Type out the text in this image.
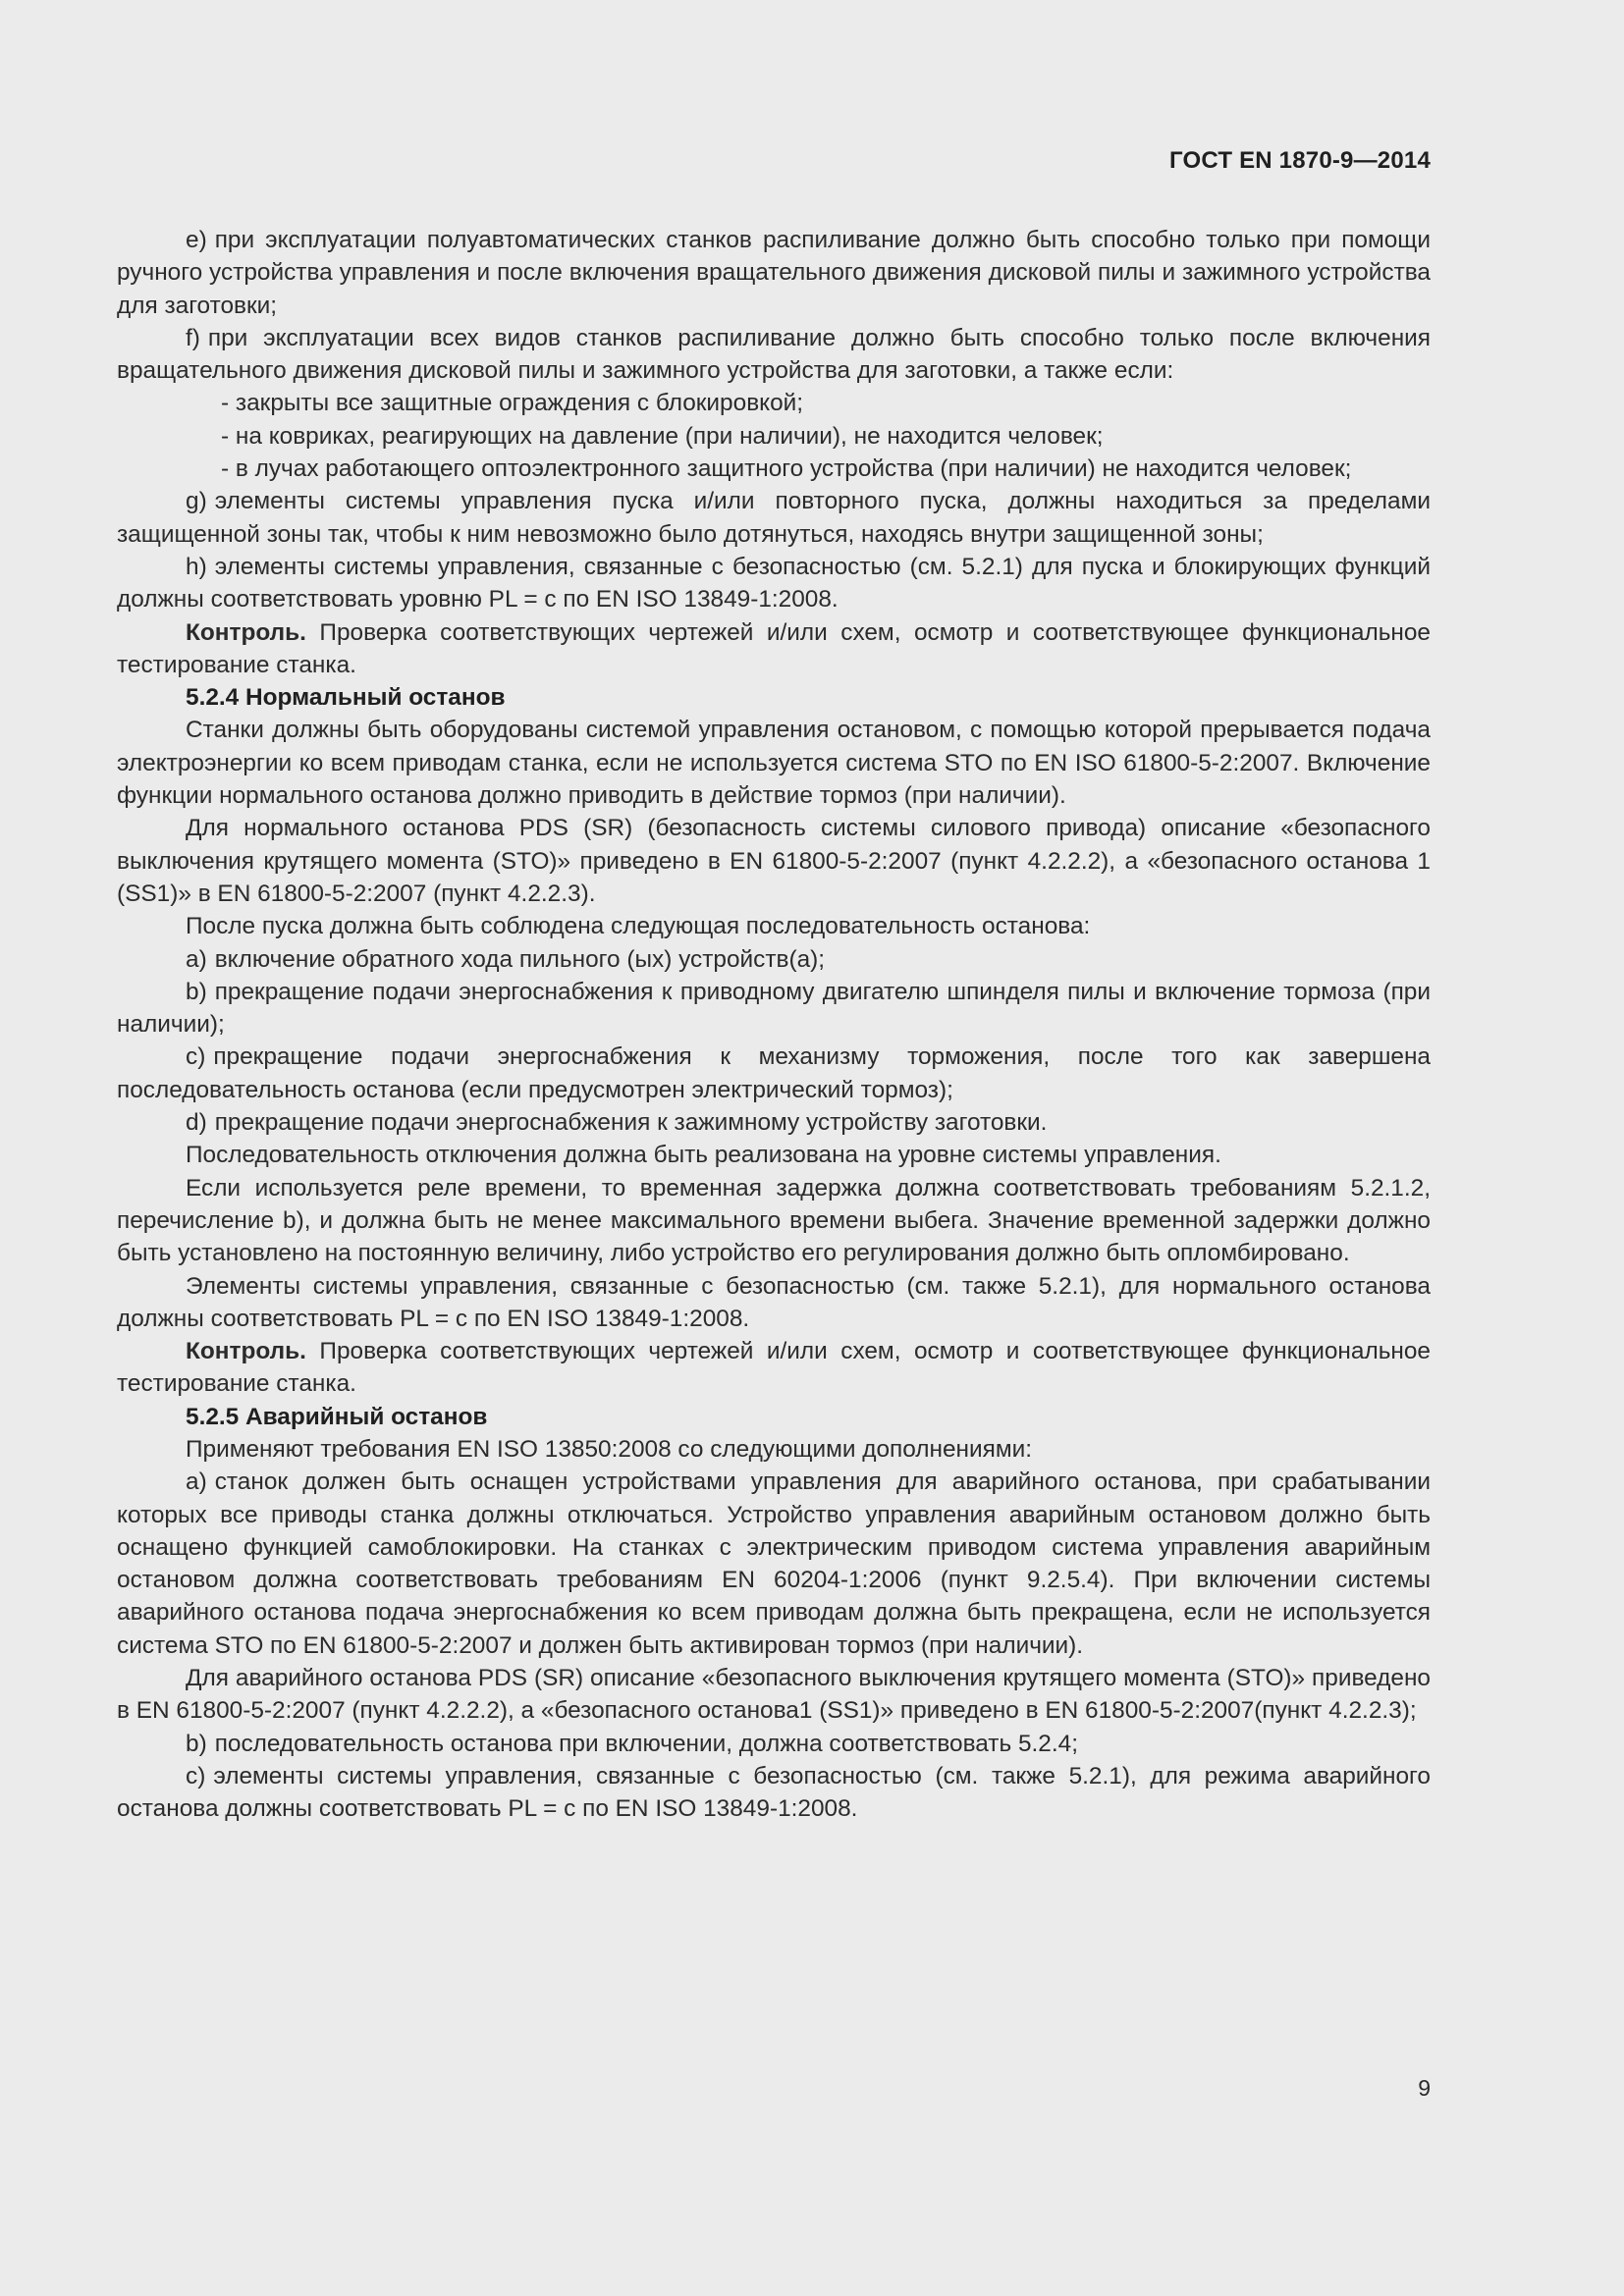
ГОСТ EN 1870-9—2014

e) при эксплуатации полуавтоматических станков распиливание должно быть способно только при помощи ручного устройства управления и после включения вращательного движения дисковой пилы и зажимного устройства для заготовки;

f) при эксплуатации всех видов станков распиливание должно быть способно только после включения вращательного движения дисковой пилы и зажимного устройства для заготовки, а также если:

- закрыты все защитные ограждения с блокировкой;

- на ковриках, реагирующих на давление (при наличии), не находится человек;

- в лучах работающего оптоэлектронного защитного устройства (при наличии) не находится человек;

g) элементы системы управления пуска и/или повторного пуска, должны находиться за пределами защищенной зоны так, чтобы к ним невозможно было дотянуться, находясь внутри защищенной зоны;

h) элементы системы управления, связанные с безопасностью (см. 5.2.1) для пуска и блокирующих функций должны соответствовать уровню PL = с по EN ISO 13849-1:2008.

Контроль. Проверка соответствующих чертежей и/или схем, осмотр и соответствующее функциональное тестирование станка.

5.2.4 Нормальный останов

Станки должны быть оборудованы системой управления остановом, с помощью которой прерывается подача электроэнергии ко всем приводам станка, если не используется система STO по EN ISO 61800-5-2:2007. Включение функции нормального останова должно приводить в действие тормоз (при наличии).

Для нормального останова PDS (SR) (безопасность системы силового привода) описание «безопасного выключения крутящего момента (STO)» приведено в EN 61800-5-2:2007 (пункт 4.2.2.2), а «безопасного останова 1 (SS1)» в EN 61800-5-2:2007 (пункт 4.2.2.3).

После пуска должна быть соблюдена следующая последовательность останова:

a) включение обратного хода пильного (ых) устройств(а);

b) прекращение подачи энергоснабжения к приводному двигателю шпинделя пилы и включение тормоза (при наличии);

c) прекращение подачи энергоснабжения к механизму торможения, после того как завершена последовательность останова (если предусмотрен электрический тормоз);

d) прекращение подачи энергоснабжения к зажимному устройству заготовки.

Последовательность отключения должна быть реализована на уровне системы управления.

Если используется реле времени, то временная задержка должна соответствовать требованиям 5.2.1.2, перечисление b), и должна быть не менее максимального времени выбега. Значение временной задержки должно быть установлено на постоянную величину, либо устройство его регулирования должно быть опломбировано.

Элементы системы управления, связанные с безопасностью (см. также 5.2.1), для нормального останова должны соответствовать PL = с по EN ISO 13849-1:2008.

Контроль. Проверка соответствующих чертежей и/или схем, осмотр и соответствующее функциональное тестирование станка.

5.2.5 Аварийный останов

Применяют требования EN ISO 13850:2008 со следующими дополнениями:

a) станок должен быть оснащен устройствами управления для аварийного останова, при срабатывании которых все приводы станка должны отключаться. Устройство управления аварийным остановом должно быть оснащено функцией самоблокировки. На станках с электрическим приводом система управления аварийным остановом должна соответствовать требованиям EN 60204-1:2006 (пункт 9.2.5.4). При включении системы аварийного останова подача энергоснабжения ко всем приводам должна быть прекращена, если не используется система STO по EN 61800-5-2:2007 и должен быть активирован тормоз (при наличии).

Для аварийного останова PDS (SR) описание «безопасного выключения крутящего момента (STO)» приведено в EN 61800-5-2:2007 (пункт 4.2.2.2), а «безопасного останова1 (SS1)» приведено в EN 61800-5-2:2007(пункт 4.2.2.3);

b) последовательность останова при включении, должна соответствовать 5.2.4;

c) элементы системы управления, связанные с безопасностью (см. также 5.2.1), для режима аварийного останова должны соответствовать PL = с по EN ISO 13849-1:2008.

9
